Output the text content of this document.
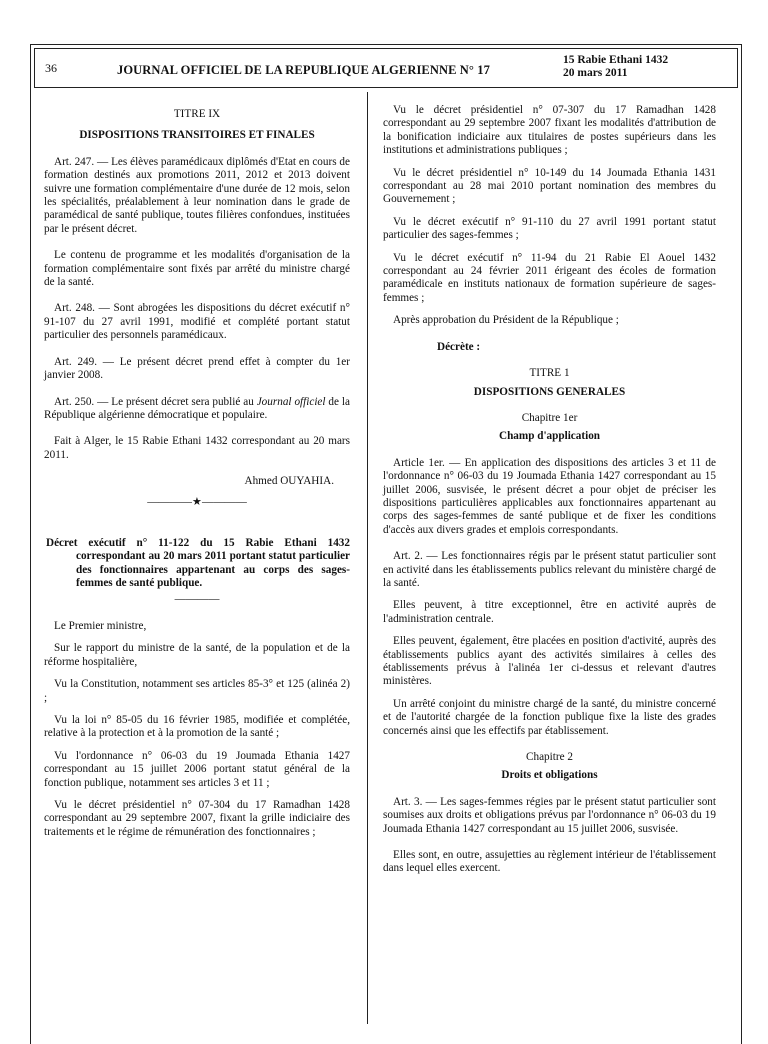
36	JOURNAL OFFICIEL DE LA REPUBLIQUE ALGERIENNE N° 17
15 Rabie Ethani 1432
20 mars 2011

TITRE IX

DISPOSITIONS TRANSITOIRES ET FINALES

Art. 247. — Les élèves paramédicaux diplômés d'Etat en cours de formation destinés aux promotions 2011, 2012 et 2013 doivent suivre une formation complémentaire d'une durée de 12 mois, selon les spécialités, préalablement à leur nomination dans le grade de paramédical de santé publique, toutes filières confondues, instituées par le présent décret.

Le contenu de programme et les modalités d'organisation de la formation complémentaire sont fixés par arrêté du ministre chargé de la santé.

Art. 248. — Sont abrogées les dispositions du décret exécutif n° 91-107 du 27 avril 1991, modifié et complété portant statut particulier des personnels paramédicaux.

Art. 249. — Le présent décret prend effet à compter du 1er janvier 2008.

Art. 250. — Le présent décret sera publié au Journal officiel de la République algérienne démocratique et populaire.

Fait à Alger, le 15 Rabie Ethani 1432 correspondant au 20 mars 2011.

Ahmed OUYAHIA.

————★————

Décret exécutif n° 11-122 du 15 Rabie Ethani 1432 correspondant au 20 mars 2011 portant statut particulier des fonctionnaires appartenant au corps des sages-femmes de santé publique.

————

Le Premier ministre,

Sur le rapport du ministre de la santé, de la population et de la réforme hospitalière,

Vu la Constitution, notamment ses articles 85-3° et 125 (alinéa 2) ;

Vu la loi n° 85-05 du 16 février 1985, modifiée et complétée, relative à la protection et à la promotion de la santé ;

Vu l'ordonnance n° 06-03 du 19 Joumada Ethania 1427 correspondant au 15 juillet 2006 portant statut général de la fonction publique, notamment ses articles 3 et 11 ;

Vu le décret présidentiel n° 07-304 du 17 Ramadhan 1428 correspondant au 29 septembre 2007, fixant la grille indiciaire des traitements et le régime de rémunération des fonctionnaires ;

Vu le décret présidentiel n° 07-307 du 17 Ramadhan 1428 correspondant au 29 septembre 2007 fixant les modalités d'attribution de la bonification indiciaire aux titulaires de postes supérieurs dans les institutions et administrations publiques ;

Vu le décret présidentiel n° 10-149 du 14 Joumada Ethania 1431 correspondant au 28 mai 2010 portant nomination des membres du Gouvernement ;

Vu le décret exécutif n° 91-110 du 27 avril 1991 portant statut particulier des sages-femmes ;

Vu le décret exécutif n° 11-94 du 21 Rabie El Aouel 1432 correspondant au 24 février 2011 érigeant des écoles de formation paramédicale en instituts nationaux de formation supérieure de sages-femmes ;

Après approbation du Président de la République ;

Décrète :

TITRE 1

DISPOSITIONS GENERALES

Chapitre 1er

Champ d'application

Article 1er. — En application des dispositions des articles 3 et 11 de l'ordonnance n° 06-03 du 19 Joumada Ethania 1427 correspondant au 15 juillet 2006, susvisée, le présent décret a pour objet de préciser les dispositions particulières applicables aux fonctionnaires appartenant au corps des sages-femmes de santé publique et de fixer les conditions d'accès aux divers grades et emplois correspondants.

Art. 2. — Les fonctionnaires régis par le présent statut particulier sont en activité dans les établissements publics relevant du ministère chargé de la santé.

Elles peuvent, à titre exceptionnel, être en activité auprès de l'administration centrale.

Elles peuvent, également, être placées en position d'activité, auprès des établissements publics ayant des activités similaires à celles des établissements prévus à l'alinéa 1er ci-dessus et relevant d'autres ministères.

Un arrêté conjoint du ministre chargé de la santé, du ministre concerné et de l'autorité chargée de la fonction publique fixe la liste des grades concernés ainsi que les effectifs par établissement.

Chapitre 2

Droits et obligations

Art. 3. — Les sages-femmes régies par le présent statut particulier sont soumises aux droits et obligations prévus par l'ordonnance n° 06-03 du 19 Joumada Ethania 1427 correspondant au 15 juillet 2006, susvisée.

Elles sont, en outre, assujetties au règlement intérieur de l'établissement dans lequel elles exercent.
